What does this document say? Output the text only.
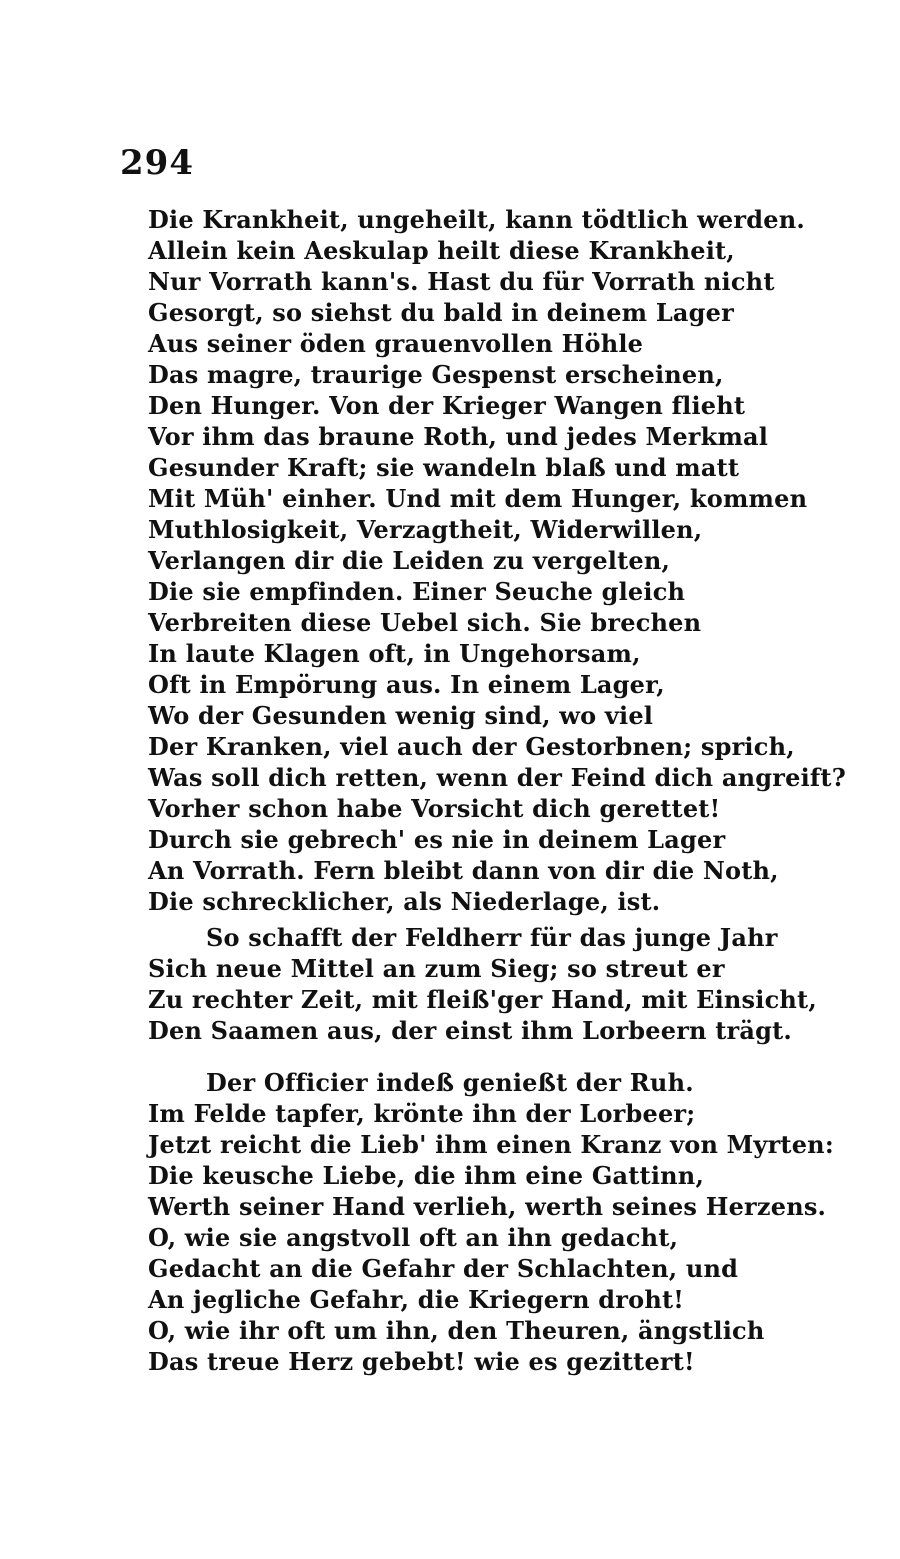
294
Die Krankheit, ungeheilt, kann tödtlich werden.
Allein kein Aeskulap heilt diese Krankheit,
Nur Vorrath kann's. Hast du für Vorrath nicht
Gesorgt, so siehst du bald in deinem Lager
Aus seiner öden grauenvollen Höhle
Das magre, traurige Gespenst erscheinen,
Den Hunger. Von der Krieger Wangen flieht
Vor ihm das braune Roth, und jedes Merkmal
Gesunder Kraft; sie wandeln blaß und matt
Mit Müh' einher. Und mit dem Hunger, kommen
Muthlosigkeit, Verzagtheit, Widerwillen,
Verlangen dir die Leiden zu vergelten,
Die sie empfinden. Einer Seuche gleich
Verbreiten diese Uebel sich. Sie brechen
In laute Klagen oft, in Ungehorsam,
Oft in Empörung aus. In einem Lager,
Wo der Gesunden wenig sind, wo viel
Der Kranken, viel auch der Gestorbnen; sprich,
Was soll dich retten, wenn der Feind dich angreift?
Vorher schon habe Vorsicht dich gerettet!
Durch sie gebrech' es nie in deinem Lager
An Vorrath. Fern bleibt dann von dir die Noth,
Die schrecklicher, als Niederlage, ist.
So schafft der Feldherr für das junge Jahr
Sich neue Mittel an zum Sieg; so streut er
Zu rechter Zeit, mit fleiß'ger Hand, mit Einsicht,
Den Saamen aus, der einst ihm Lorbeern trägt.
Der Officier indeß genießt der Ruh.
Im Felde tapfer, krönte ihn der Lorbeer;
Jetzt reicht die Lieb' ihm einen Kranz von Myrten:
Die keusche Liebe, die ihm eine Gattinn,
Werth seiner Hand verlieh, werth seines Herzens.
O, wie sie angstvoll oft an ihn gedacht,
Gedacht an die Gefahr der Schlachten, und
An jegliche Gefahr, die Kriegern droht!
O, wie ihr oft um ihn, den Theuren, ängstlich
Das treue Herz gebebt! wie es gezittert!
